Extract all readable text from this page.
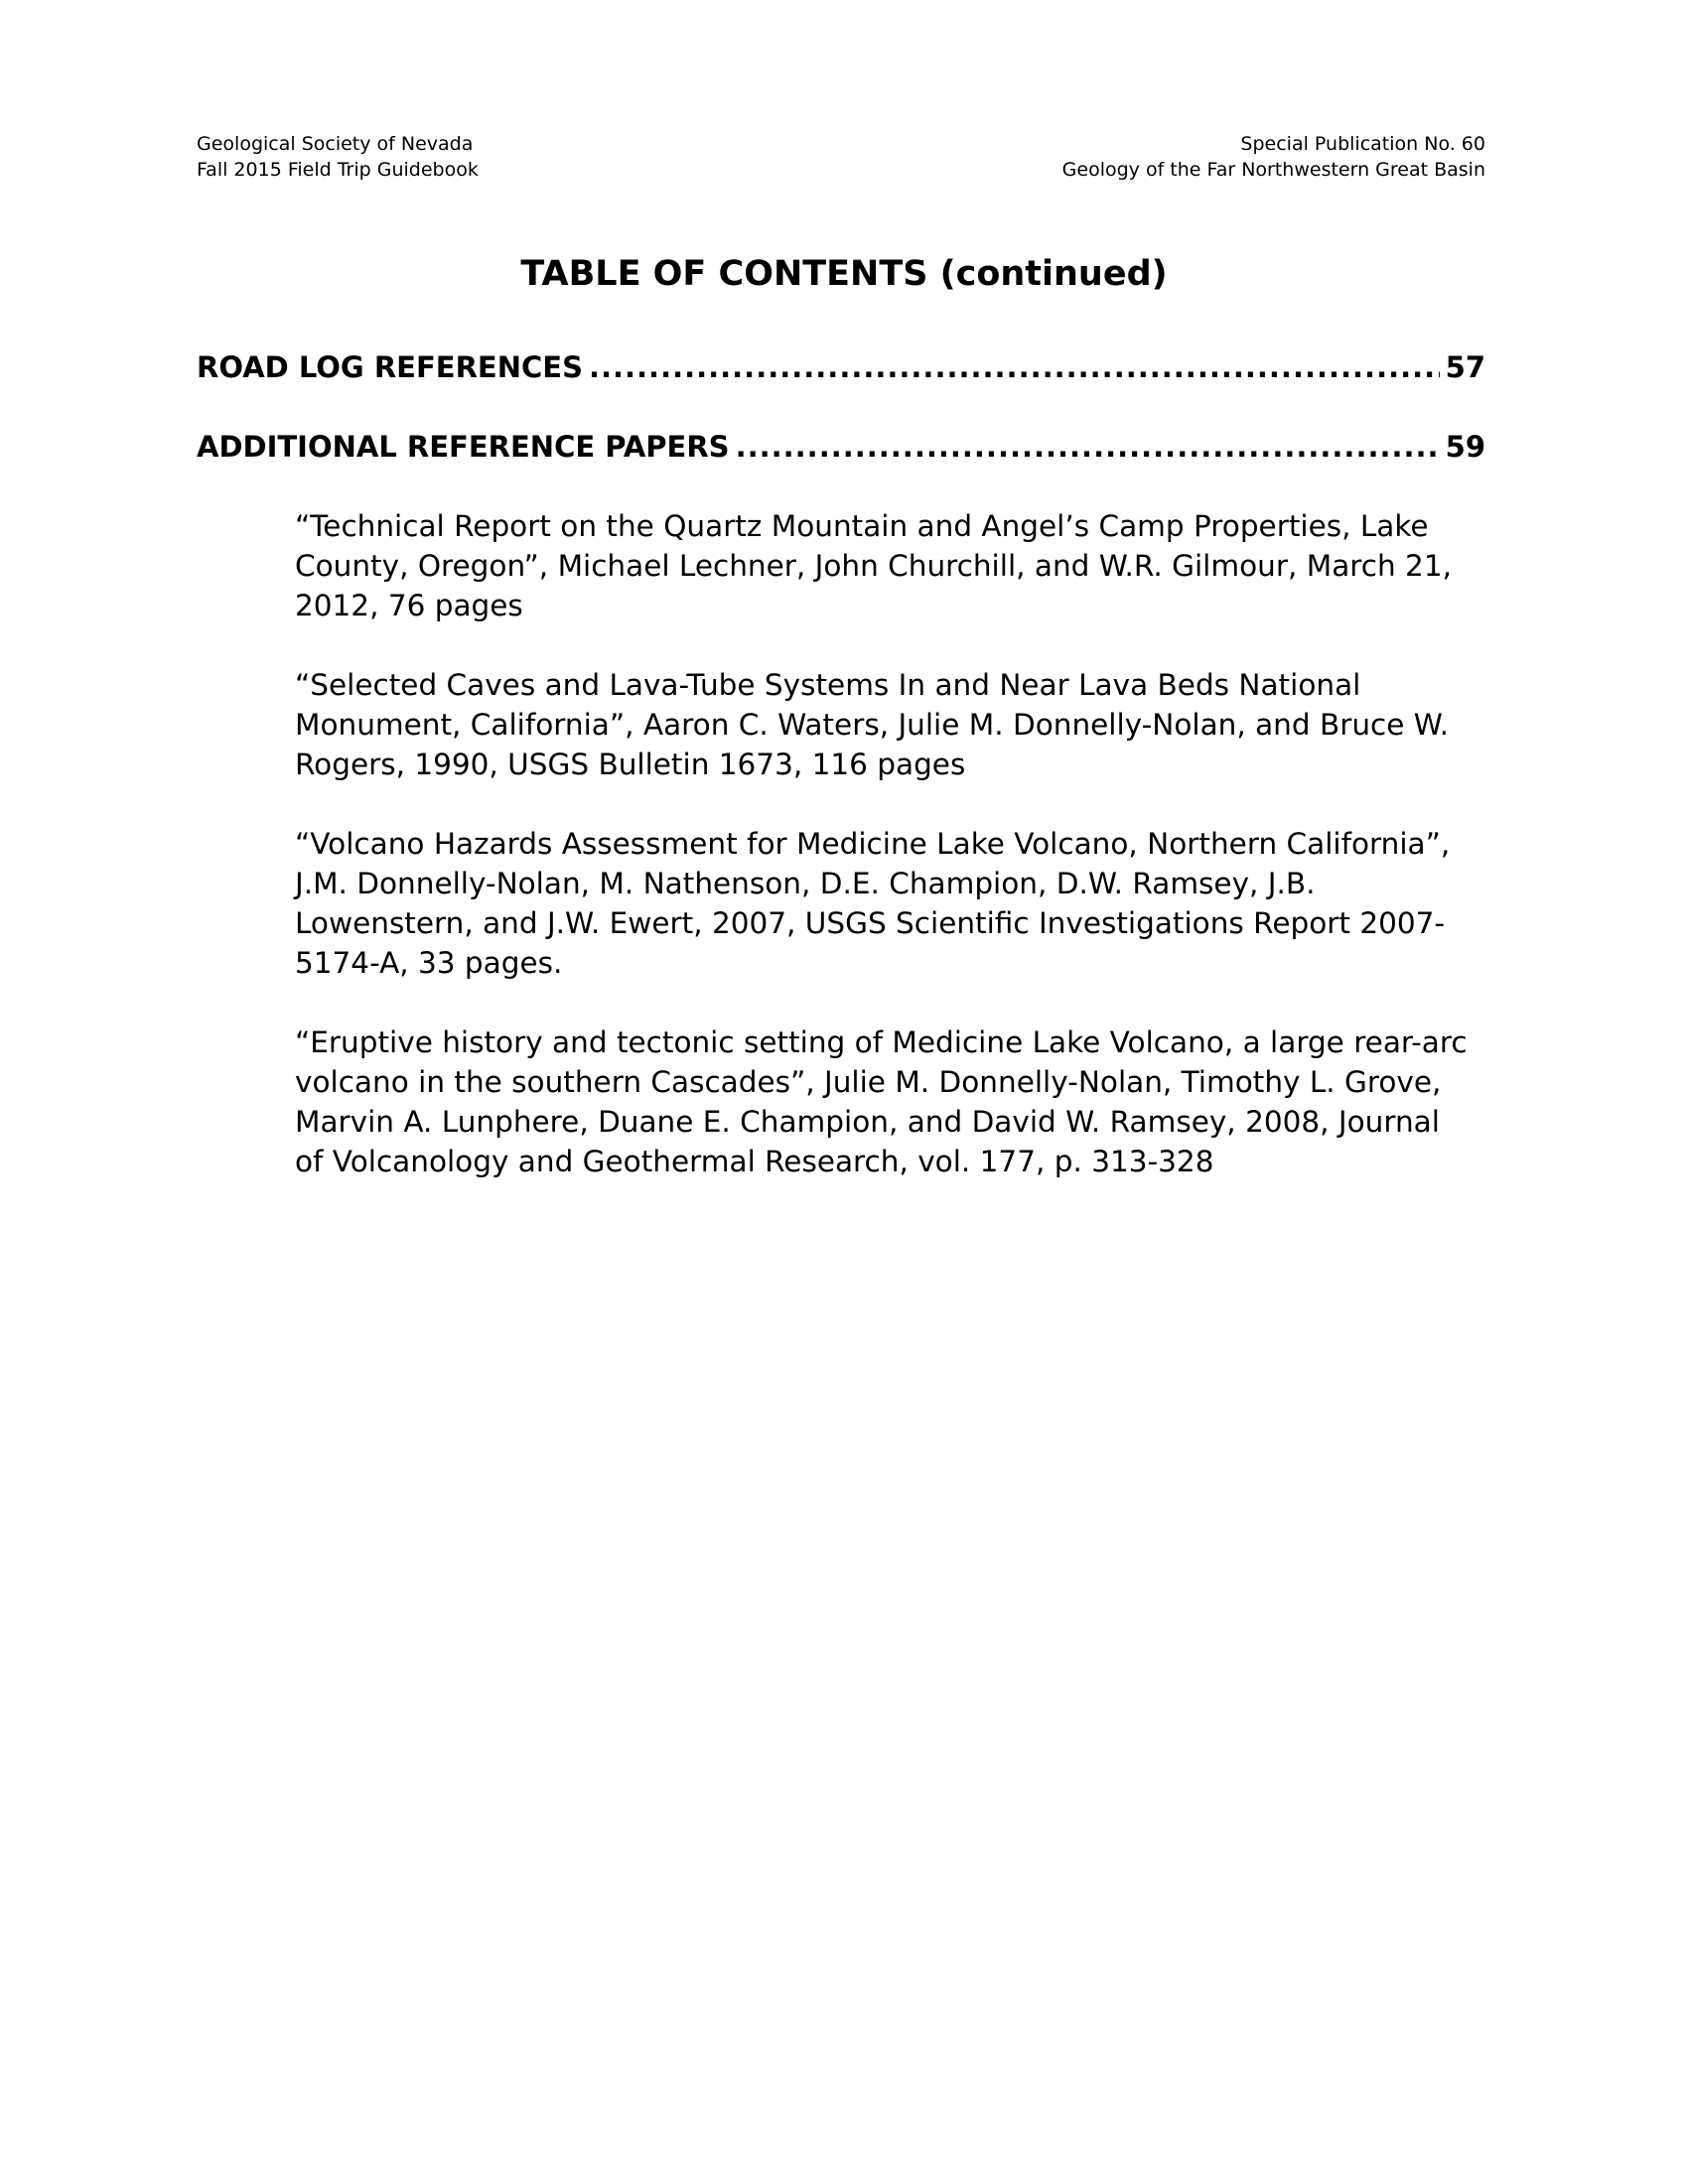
Geological Society of Nevada
Fall 2015 Field Trip Guidebook
Special Publication No. 60
Geology of the Far Northwestern Great Basin
TABLE OF CONTENTS (continued)
ROAD LOG REFERENCES .....	57
ADDITIONAL REFERENCE PAPERS .....	59

“Technical Report on the Quartz Mountain and Angel’s Camp Properties, Lake
County, Oregon”, Michael Lechner, John Churchill, and W.R. Gilmour, March 21,
2012, 76 pages

“Selected Caves and Lava-Tube Systems In and Near Lava Beds National
Monument, California”, Aaron C. Waters, Julie M. Donnelly-Nolan, and Bruce W.
Rogers, 1990, USGS Bulletin 1673, 116 pages

“Volcano Hazards Assessment for Medicine Lake Volcano, Northern California”,
J.M. Donnelly-Nolan, M. Nathenson, D.E. Champion, D.W. Ramsey, J.B.
Lowenstern, and J.W. Ewert, 2007, USGS Scientific Investigations Report 2007-
5174-A, 33 pages.

“Eruptive history and tectonic setting of Medicine Lake Volcano, a large rear-arc
volcano in the southern Cascades”, Julie M. Donnelly-Nolan, Timothy L. Grove,
Marvin A. Lunphere, Duane E. Champion, and David W. Ramsey, 2008, Journal
of Volcanology and Geothermal Research, vol. 177, p. 313-328
